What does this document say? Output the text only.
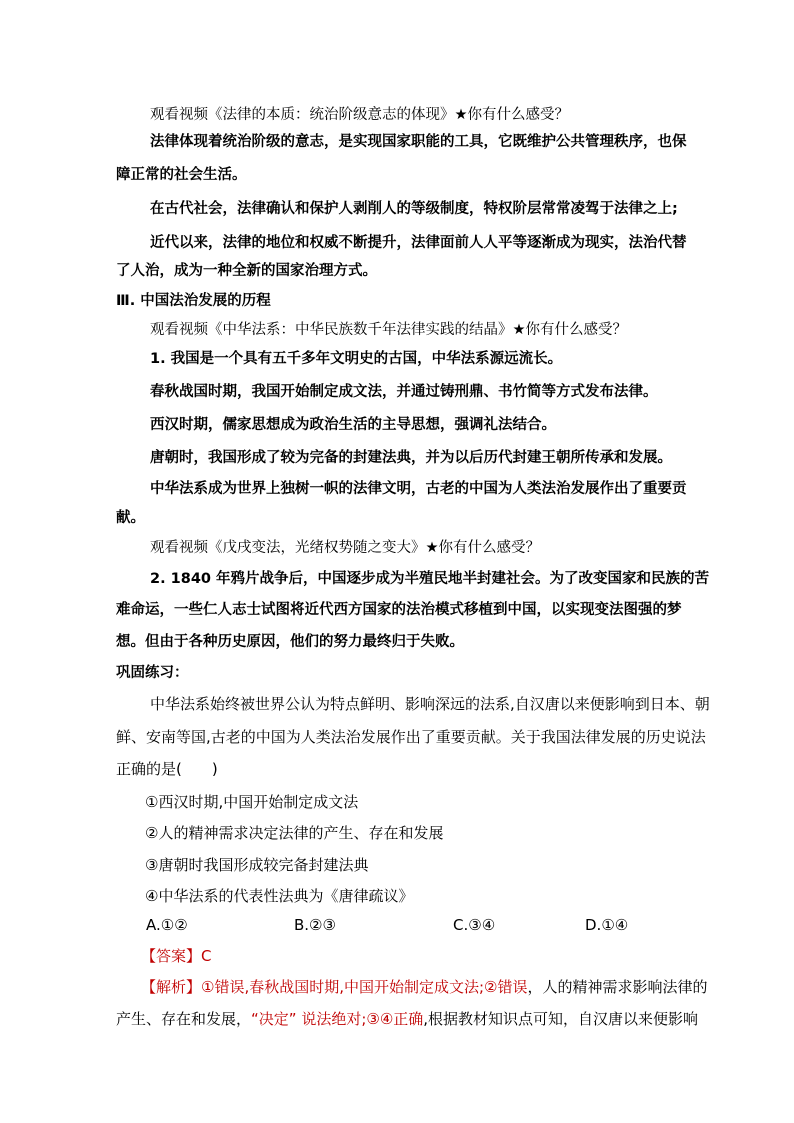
观看视频《法律的本质：统治阶级意志的体现》★你有什么感受？
法律体现着统治阶级的意志，是实现国家职能的工具，它既维护公共管理秩序，也保
障正常的社会生活。
在古代社会，法律确认和保护人剥削人的等级制度，特权阶层常常凌驾于法律之上;
近代以来，法律的地位和权威不断提升，法律面前人人平等逐渐成为现实，法治代替
了人治，成为一种全新的国家治理方式。
Ⅲ. 中国法治发展的历程
观看视频《中华法系：中华民族数千年法律实践的结晶》★你有什么感受？
1. 我国是一个具有五千多年文明史的古国，中华法系源远流长。
春秋战国时期，我国开始制定成文法，并通过铸刑鼎、书竹简等方式发布法律。
西汉时期，儒家思想成为政治生活的主导思想，强调礼法结合。
唐朝时，我国形成了较为完备的封建法典，并为以后历代封建王朝所传承和发展。
中华法系成为世界上独树一帜的法律文明，古老的中国为人类法治发展作出了重要贡
献。
观看视频《戊戌变法，光绪权势随之变大》★你有什么感受？
2. 1840 年鸦片战争后，中国逐步成为半殖民地半封建社会。为了改变国家和民族的苦
难命运，一些仁人志士试图将近代西方国家的法治模式移植到中国，以实现变法图强的梦
想。但由于各种历史原因，他们的努力最终归于失败。
巩固练习：
中华法系始终被世界公认为特点鲜明、影响深远的法系,自汉唐以来便影响到日本、朝
鲜、安南等国,古老的中国为人类法治发展作出了重要贡献。关于我国法律发展的历史说法
正确的是(　　)
①西汉时期,中国开始制定成文法
②人的精神需求决定法律的产生、存在和发展
③唐朝时我国形成较完备封建法典
④中华法系的代表性法典为《唐律疏议》
A.①②	B.②③	C.③④	D.①④
【答案】C
【解析】①错误,春秋战国时期,中国开始制定成文法;②错误，人的精神需求影响法律的
产生、存在和发展，“决定” 说法绝对;③④正确,根据教材知识点可知，自汉唐以来便影响
